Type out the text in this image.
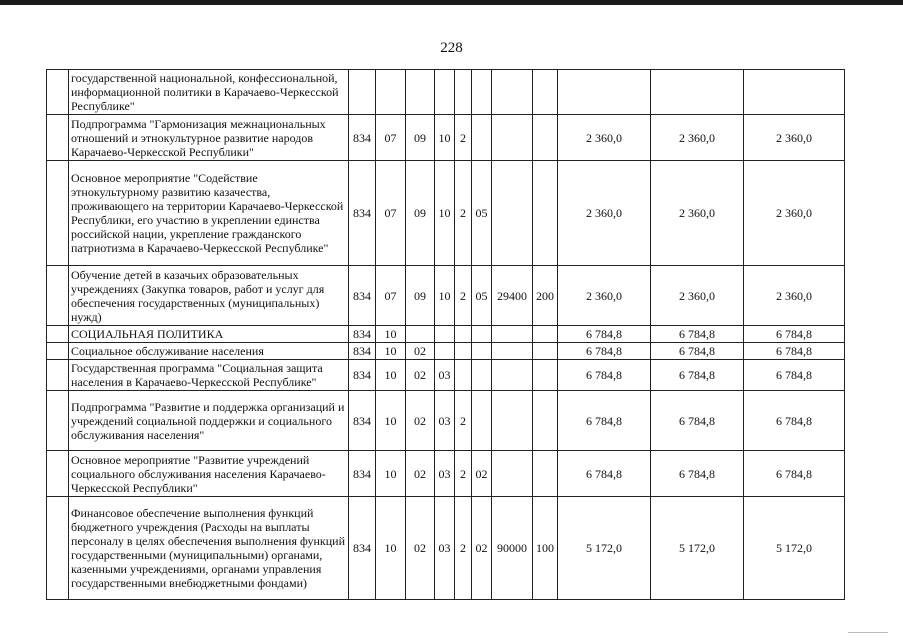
228
	государственной национальной, конфессиональной, информационной политики в Карачаево-Черкесской Республике"											
	Подпрограмма "Гармонизация межнациональных отношений и этнокультурное развитие народов Карачаево-Черкесской Республики"	834	07	09	10	2				2 360,0	2 360,0	2 360,0
	Основное мероприятие "Содействие этнокультурному развитию казачества, проживающего на территории Карачаево-Черкесской Республики, его участию в укреплении единства российской нации, укрепление гражданского патриотизма в Карачаево-Черкесской Республике"	834	07	09	10	2	05			2 360,0	2 360,0	2 360,0
	Обучение детей в казачьих образовательных учреждениях (Закупка товаров, работ и услуг для обеспечения государственных (муниципальных) нужд)	834	07	09	10	2	05	29400	200	2 360,0	2 360,0	2 360,0
	СОЦИАЛЬНАЯ ПОЛИТИКА	834	10							6 784,8	6 784,8	6 784,8
	Социальное обслуживание населения	834	10	02						6 784,8	6 784,8	6 784,8
	Государственная программа "Социальная защита населения в Карачаево-Черкесской Республике"	834	10	02	03					6 784,8	6 784,8	6 784,8
	Подпрограмма "Развитие и поддержка организаций и учреждений социальной поддержки и социального обслуживания населения"	834	10	02	03	2				6 784,8	6 784,8	6 784,8
	Основное мероприятие "Развитие учреждений социального обслуживания населения Карачаево-Черкесской Республики"	834	10	02	03	2	02			6 784,8	6 784,8	6 784,8
	Финансовое обеспечение выполнения функций бюджетного учреждения (Расходы на выплаты персоналу в целях обеспечения выполнения функций государственными (муниципальными) органами, казенными учреждениями, органами управления государственными внебюджетными фондами)	834	10	02	03	2	02	90000	100	5 172,0	5 172,0	5 172,0
